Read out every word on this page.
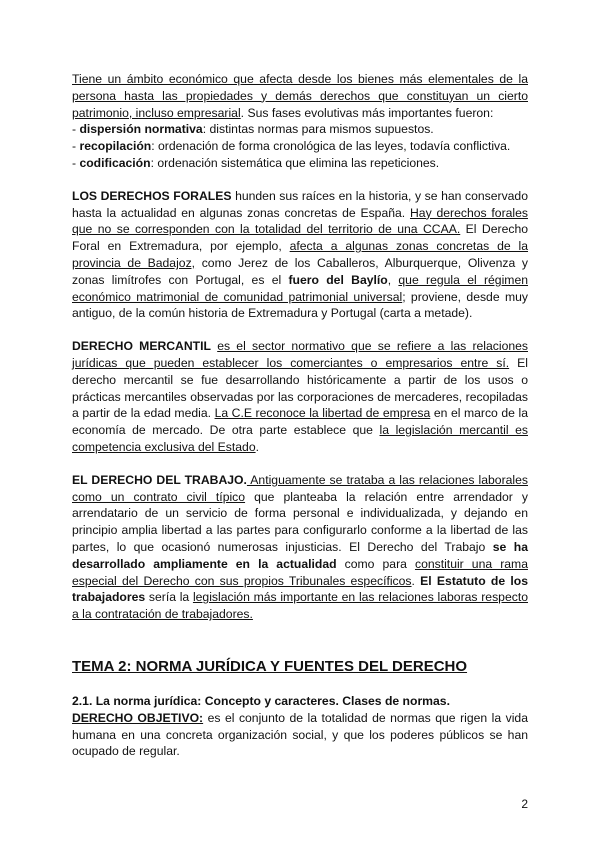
Tiene un ámbito económico que afecta desde los bienes más elementales de la persona hasta las propiedades y demás derechos que constituyan un cierto patrimonio, incluso empresarial. Sus fases evolutivas más importantes fueron:

- dispersión normativa: distintas normas para mismos supuestos.

- recopilación: ordenación de forma cronológica de las leyes, todavía conflictiva.

- codificación: ordenación sistemática que elimina las repeticiones.

LOS DERECHOS FORALES hunden sus raíces en la historia, y se han conservado hasta la actualidad en algunas zonas concretas de España. Hay derechos forales que no se corresponden con la totalidad del territorio de una CCAA. El Derecho Foral en Extremadura, por ejemplo, afecta a algunas zonas concretas de la provincia de Badajoz, como Jerez de los Caballeros, Alburquerque, Olivenza y zonas limítrofes con Portugal, es el fuero del Baylío, que regula el régimen económico matrimonial de comunidad patrimonial universal; proviene, desde muy antiguo, de la común historia de Extremadura y Portugal (carta a metade).

DERECHO MERCANTIL es el sector normativo que se refiere a las relaciones jurídicas que pueden establecer los comerciantes o empresarios entre sí. El derecho mercantil se fue desarrollando históricamente a partir de los usos o prácticas mercantiles observadas por las corporaciones de mercaderes, recopiladas a partir de la edad media. La C.E reconoce la libertad de empresa en el marco de la economía de mercado. De otra parte establece que la legislación mercantil es competencia exclusiva del Estado.

EL DERECHO DEL TRABAJO. Antiguamente se trataba a las relaciones laborales como un contrato civil típico que planteaba la relación entre arrendador y arrendatario de un servicio de forma personal e individualizada, y dejando en principio amplia libertad a las partes para configurarlo conforme a la libertad de las partes, lo que ocasionó numerosas injusticias. El Derecho del Trabajo se ha desarrollado ampliamente en la actualidad como para constituir una rama especial del Derecho con sus propios Tribunales específicos. El Estatuto de los trabajadores sería la legislación más importante en las relaciones laboras respecto a la contratación de trabajadores.

TEMA 2: NORMA JURÍDICA Y FUENTES DEL DERECHO

2.1. La norma jurídica: Concepto y caracteres. Clases de normas.

DERECHO OBJETIVO: es el conjunto de la totalidad de normas que rigen la vida humana en una concreta organización social, y que los poderes públicos se han ocupado de regular.

2
